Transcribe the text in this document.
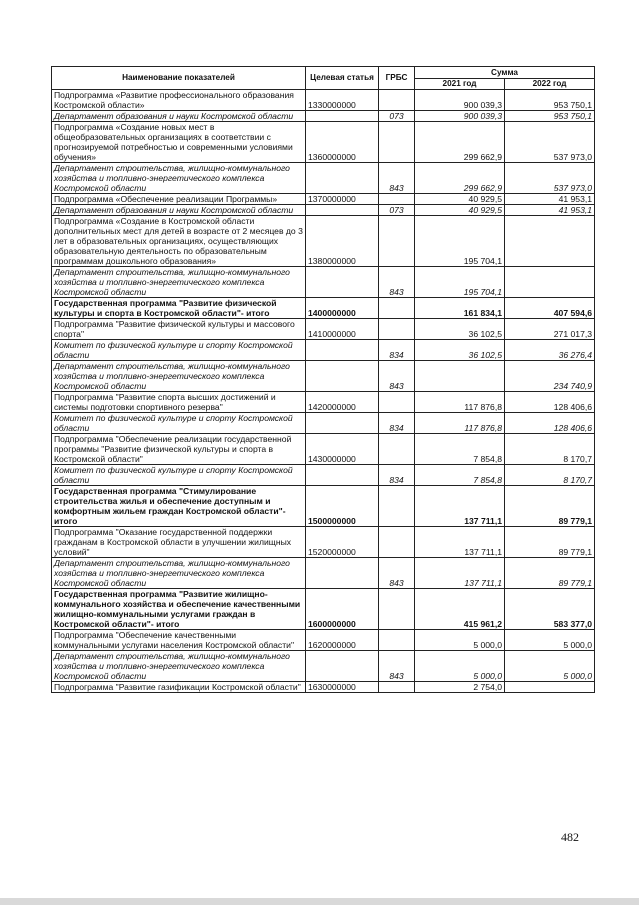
Наименование показателей	Целевая статья	ГРБС	Сумма	
			2021 год	2022 год
Подпрограмма «Развитие профессионального образования Костромской области»	1330000000		900 039,3	953 750,1
Департамент образования и науки Костромской области		073	900 039,3	953 750,1
Подпрограмма «Создание новых мест в общеобразовательных организациях в соответствии с прогнозируемой потребностью и современными условиями обучения»	1360000000		299 662,9	537 973,0
Департамент строительства, жилищно-коммунального хозяйства и топливно-энергетического комплекса Костромской области		843	299 662,9	537 973,0
Подпрограмма «Обеспечение реализации Программы»	1370000000		40 929,5	41 953,1
Департамент образования и науки Костромской области		073	40 929,5	41 953,1
Подпрограмма «Создание в Костромской области дополнительных мест для детей в возрасте от 2 месяцев до 3 лет в образовательных организациях, осуществляющих образовательную деятельность по образовательным программам дошкольного образования»	1380000000		195 704,1	
Департамент строительства, жилищно-коммунального хозяйства и топливно-энергетического комплекса Костромской области		843	195 704,1	
Государственная программа "Развитие физической культуры и спорта в Костромской области"- итого	1400000000		161 834,1	407 594,6
Подпрограмма "Развитие физической культуры и массового спорта"	1410000000		36 102,5	271 017,3
Комитет по физической культуре и спорту Костромской области		834	36 102,5	36 276,4
Департамент строительства, жилищно-коммунального хозяйства и топливно-энергетического комплекса Костромской области		843		234 740,9
Подпрограмма "Развитие спорта высших достижений и системы подготовки спортивного резерва"	1420000000		117 876,8	128 406,6
Комитет по физической культуре и спорту Костромской области		834	117 876,8	128 406,6
Подпрограмма "Обеспечение реализации государственной программы "Развитие физической культуры и спорта в Костромской области"	1430000000		7 854,8	8 170,7
Комитет по физической культуре и спорту Костромской области		834	7 854,8	8 170,7
Государственная программа "Стимулирование строительства жилья и обеспечение доступным и комфортным жильем граждан Костромской области"- итого	1500000000		137 711,1	89 779,1
Подпрограмма "Оказание государственной поддержки гражданам в Костромской области в улучшении жилищных условий"	1520000000		137 711,1	89 779,1
Департамент строительства, жилищно-коммунального хозяйства и топливно-энергетического комплекса Костромской области		843	137 711,1	89 779,1
Государственная программа "Развитие жилищно-коммунального хозяйства и обеспечение качественными жилищно-коммунальными услугами граждан в Костромской области"- итого	1600000000		415 961,2	583 377,0
Подпрограмма "Обеспечение качественными коммунальными услугами населения Костромской области"	1620000000		5 000,0	5 000,0
Департамент строительства, жилищно-коммунального хозяйства и топливно-энергетического комплекса Костромской области		843	5 000,0	5 000,0
Подпрограмма "Развитие газификации Костромской области"	1630000000		2 754,0	
482
